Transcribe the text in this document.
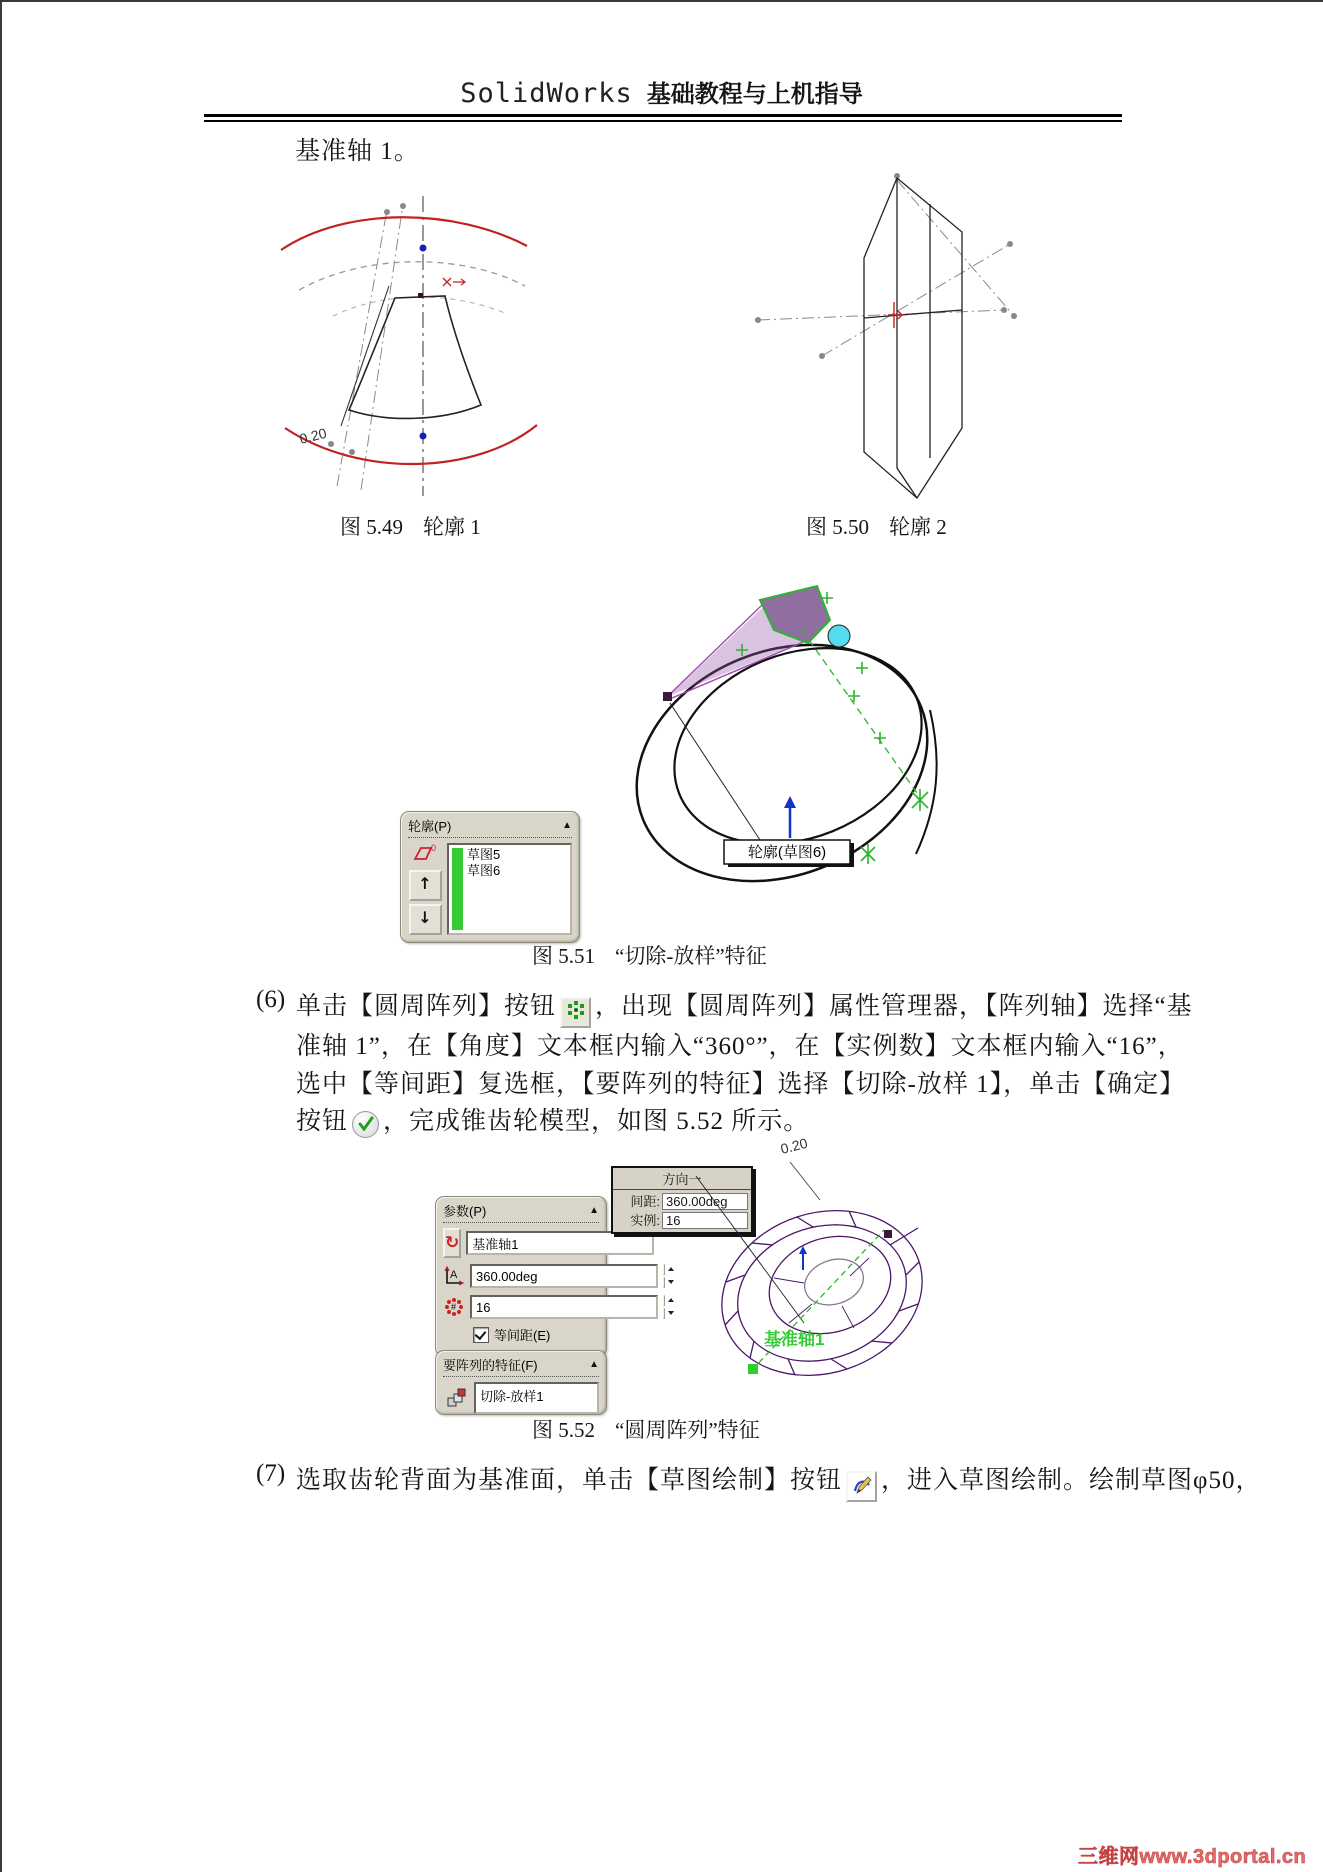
SolidWorks 基础教程与上机指导
基准轴 1。
0.20
图 5.49 轮廓 1	图 5.50 轮廓 2
轮廓(草图6)
轮廓(P)	▲
0
↑
↓
草图5
草图6
图 5.51 “切除-放样”特征
(6) 单击【圆周阵列】按钮 ，出现【圆周阵列】属性管理器，【阵列轴】选择“基
准轴 1”，在【角度】文本框内输入“360°”，在【实例数】文本框内输入“16”，
选中【等间距】复选框，【要阵列的特征】选择【切除-放样 1】，单击【确定】
按钮 ，完成锥齿轮模型，如图 5.52 所示。
参数(P)	▲
↻
基准轴1
A
360.00deg
#
16
等间距(E)
要阵列的特征(F)	▲
切除-放样1
方向一
间距: 360.00deg
实例: 16
0.20
基准轴1
图 5.52 “圆周阵列”特征
(7) 选取齿轮背面为基准面，单击【草图绘制】按钮 ，进入草图绘制。绘制草图φ50，
三维网www.3dportal.cn
